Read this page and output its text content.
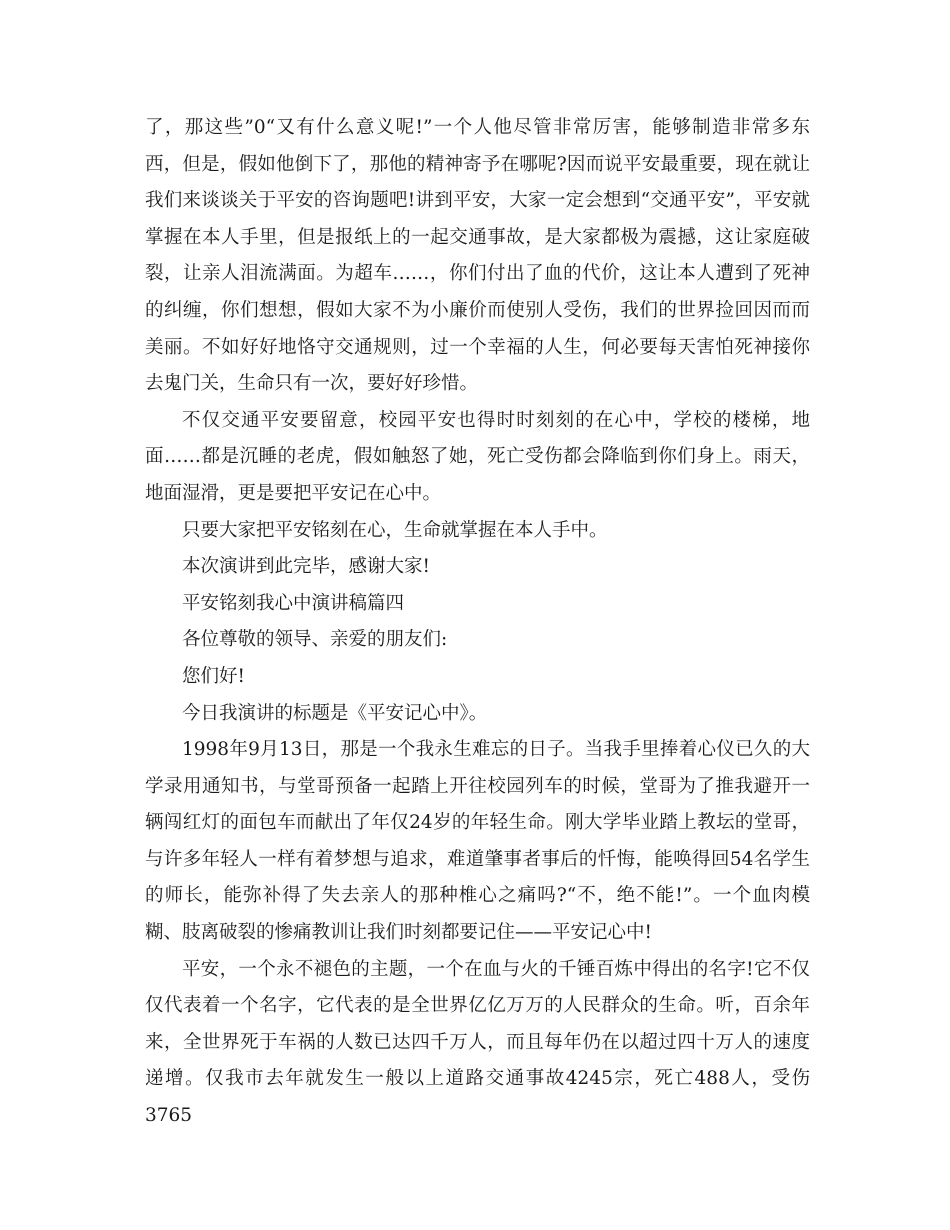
了，那这些”0“又有什么意义呢!”一个人他尽管非常厉害，能够制造非常多东
西，但是，假如他倒下了，那他的精神寄予在哪呢?因而说平安最重要，现在就让
我们来谈谈关于平安的咨询题吧!讲到平安，大家一定会想到“交通平安”，平安就
掌握在本人手里，但是报纸上的一起交通事故，是大家都极为震撼，这让家庭破
裂，让亲人泪流满面。为超车……，你们付出了血的代价，这让本人遭到了死神
的纠缠，你们想想，假如大家不为小廉价而使别人受伤，我们的世界捡回因而而
美丽。不如好好地恪守交通规则，过一个幸福的人生，何必要每天害怕死神接你
去鬼门关，生命只有一次，要好好珍惜。
不仅交通平安要留意，校园平安也得时时刻刻的在心中，学校的楼梯，地
面……都是沉睡的老虎，假如触怒了她，死亡受伤都会降临到你们身上。雨天，
地面湿滑，更是要把平安记在心中。
只要大家把平安铭刻在心，生命就掌握在本人手中。
本次演讲到此完毕，感谢大家!
平安铭刻我心中演讲稿篇四
各位尊敬的领导、亲爱的朋友们:
您们好!
今日我演讲的标题是《平安记心中》。
1998年9月13日，那是一个我永生难忘的日子。当我手里捧着心仪已久的大
学录用通知书，与堂哥预备一起踏上开往校园列车的时候，堂哥为了推我避开一
辆闯红灯的面包车而献出了年仅24岁的年轻生命。刚大学毕业踏上教坛的堂哥，
与许多年轻人一样有着梦想与追求，难道肇事者事后的忏悔，能唤得回54名学生
的师长，能弥补得了失去亲人的那种椎心之痛吗?“不，绝不能!”。一个血肉模
糊、肢离破裂的惨痛教训让我们时刻都要记住——平安记心中!
平安，一个永不褪色的主题，一个在血与火的千锤百炼中得出的名字!它不仅
仅代表着一个名字，它代表的是全世界亿亿万万的人民群众的生命。听，百余年
来，全世界死于车祸的人数已达四千万人，而且每年仍在以超过四十万人的速度
递增。仅我市去年就发生一般以上道路交通事故4245宗，死亡488人，受伤3765
